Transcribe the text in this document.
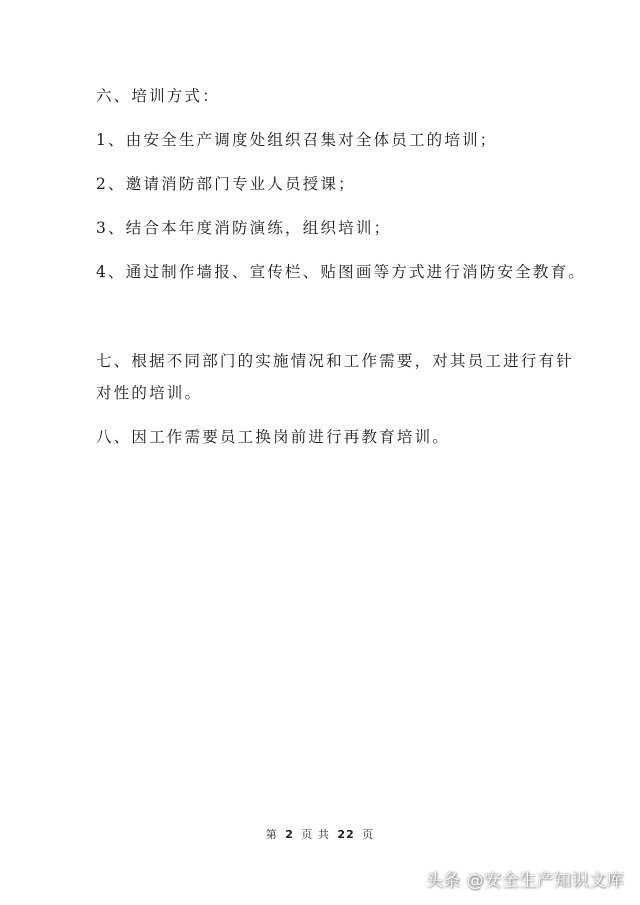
六、培训方式：
1、由安全生产调度处组织召集对全体员工的培训；
2、邀请消防部门专业人员授课；
3、结合本年度消防演练，组织培训；
4、通过制作墙报、宣传栏、贴图画等方式进行消防安全教育。
七、根据不同部门的实施情况和工作需要，对其员工进行有针
对性的培训。
八、因工作需要员工换岗前进行再教育培训。
第 2 页 共 22 页
头条 @安全生产知识文库
